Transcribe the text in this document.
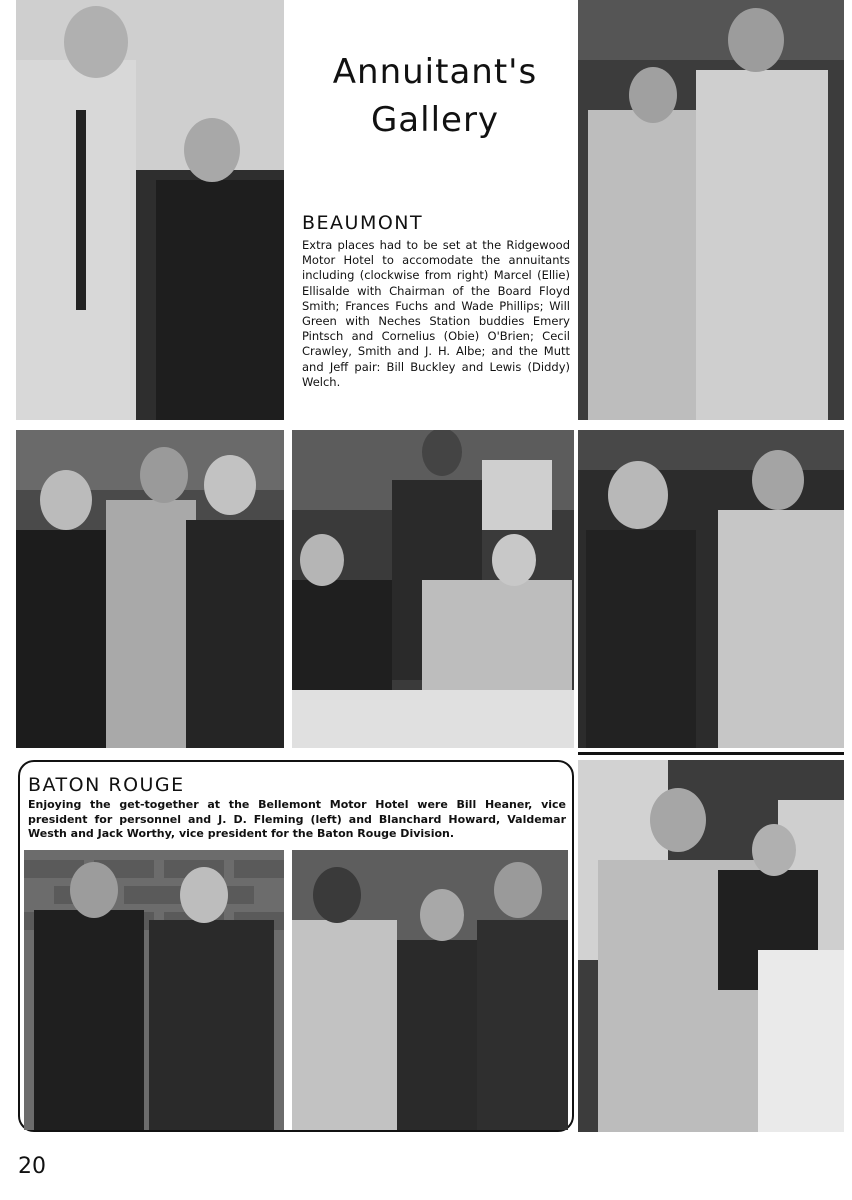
Annuitant's
Gallery
BEAUMONT
Extra places had to be set at the Ridgewood Motor Hotel to accomodate the annuitants including (clockwise from right) Marcel (Ellie) Ellisalde with Chairman of the Board Floyd Smith; Frances Fuchs and Wade Phillips; Will Green with Neches Station buddies Emery Pintsch and Cornelius (Obie) O'Brien; Cecil Crawley, Smith and J. H. Albe; and the Mutt and Jeff pair: Bill Buckley and Lewis (Diddy) Welch.
BATON ROUGE
Enjoying the get-together at the Bellemont Motor Hotel were Bill Heaner, vice president for personnel and J. D. Fleming (left) and Blanchard Howard, Valdemar Westh and Jack Worthy, vice president for the Baton Rouge Division.
20
